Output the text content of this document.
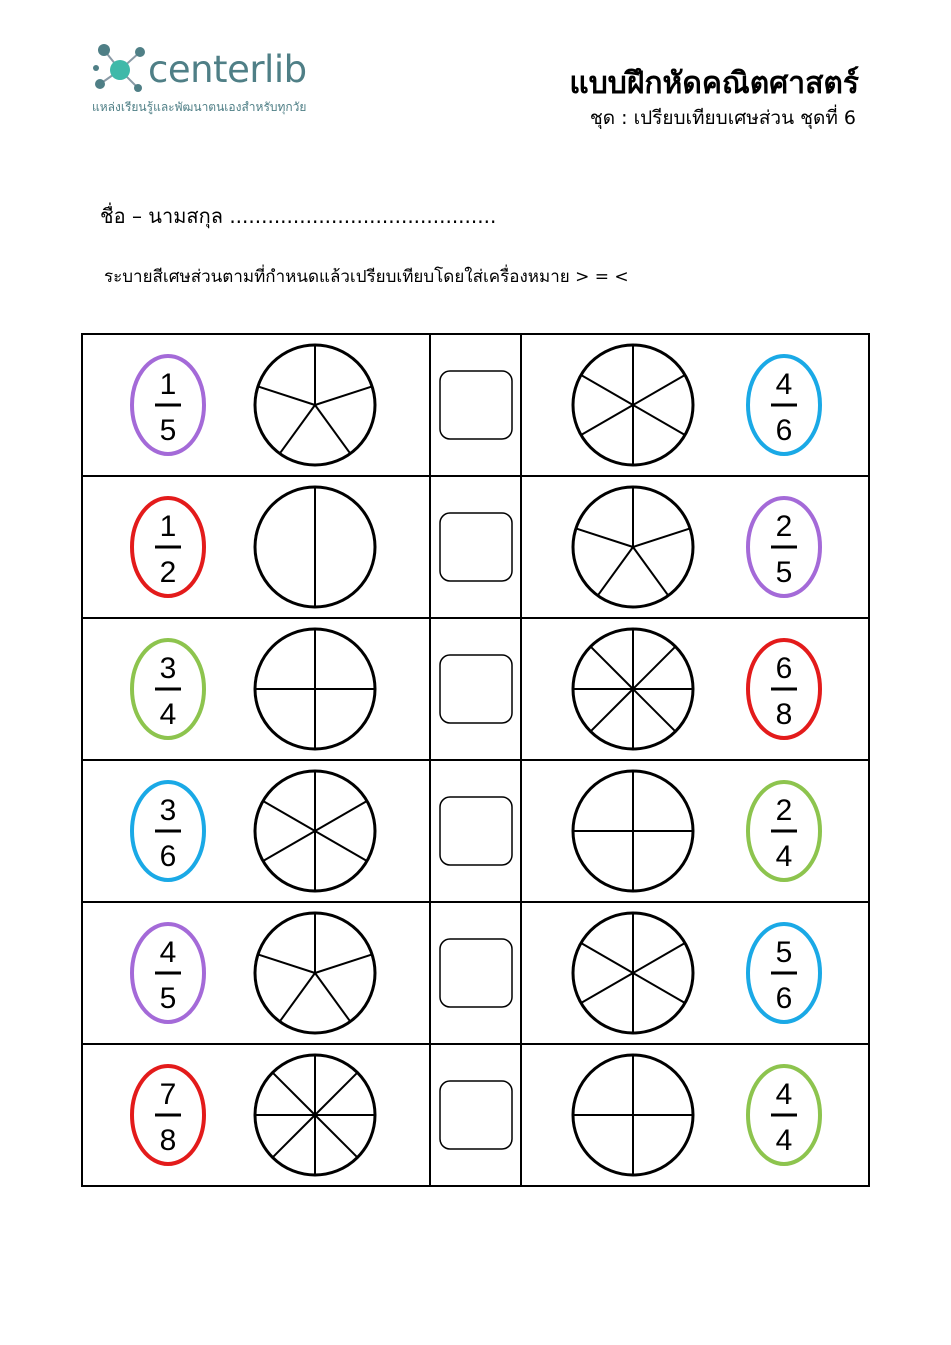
centerlib
แหล่งเรียนรู้และพัฒนาตนเองสำหรับทุกวัย
แบบฝึกหัดคณิตศาสตร์
ชุด : เปรียบเทียบเศษส่วน ชุดที่ 6
ชื่อ – นามสกุล ..........................................
ระบายสีเศษส่วนตามที่กำหนดแล้วเปรียบเทียบโดยใส่เครื่องหมาย > = <
1
5
4
6
1
2
2
5
3
4
6
8
3
6
2
4
4
5
5
6
7
8
4
4
